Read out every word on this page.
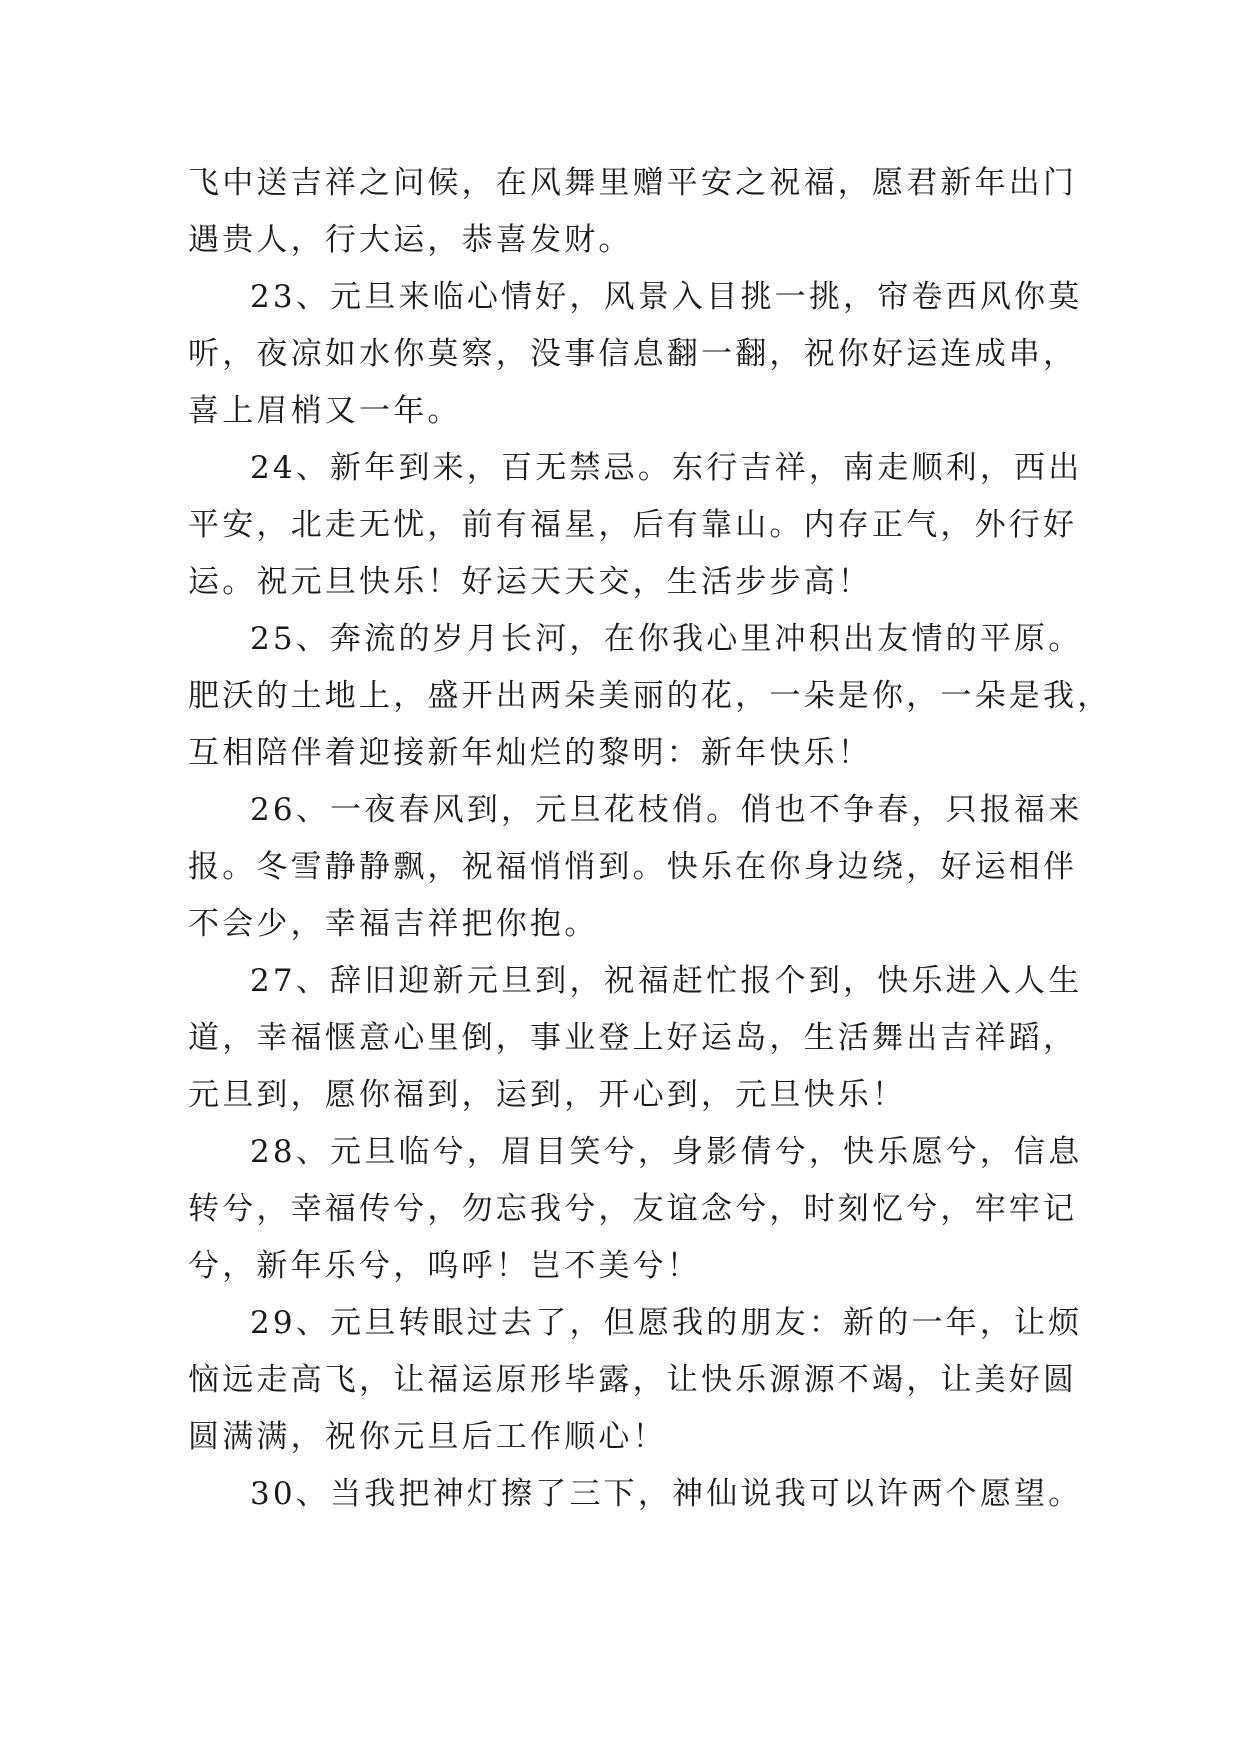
飞中送吉祥之问候，在风舞里赠平安之祝福，愿君新年出门
遇贵人，行大运，恭喜发财。
23、元旦来临心情好，风景入目挑一挑，帘卷西风你莫
听，夜凉如水你莫察，没事信息翻一翻，祝你好运连成串，
喜上眉梢又一年。
24、新年到来，百无禁忌。东行吉祥，南走顺利，西出
平安，北走无忧，前有福星，后有靠山。内存正气，外行好
运。祝元旦快乐！好运天天交，生活步步高！
25、奔流的岁月长河，在你我心里冲积出友情的平原。
肥沃的土地上，盛开出两朵美丽的花，一朵是你，一朵是我，
互相陪伴着迎接新年灿烂的黎明：新年快乐！
26、一夜春风到，元旦花枝俏。俏也不争春，只报福来
报。冬雪静静飘，祝福悄悄到。快乐在你身边绕，好运相伴
不会少，幸福吉祥把你抱。
27、辞旧迎新元旦到，祝福赶忙报个到，快乐进入人生
道，幸福惬意心里倒，事业登上好运岛，生活舞出吉祥蹈，
元旦到，愿你福到，运到，开心到，元旦快乐！
28、元旦临兮，眉目笑兮，身影倩兮，快乐愿兮，信息
转兮，幸福传兮，勿忘我兮，友谊念兮，时刻忆兮，牢牢记
兮，新年乐兮，呜呼！岂不美兮！
29、元旦转眼过去了，但愿我的朋友：新的一年，让烦
恼远走高飞，让福运原形毕露，让快乐源源不竭，让美好圆
圆满满，祝你元旦后工作顺心！
30、当我把神灯擦了三下，神仙说我可以许两个愿望。
